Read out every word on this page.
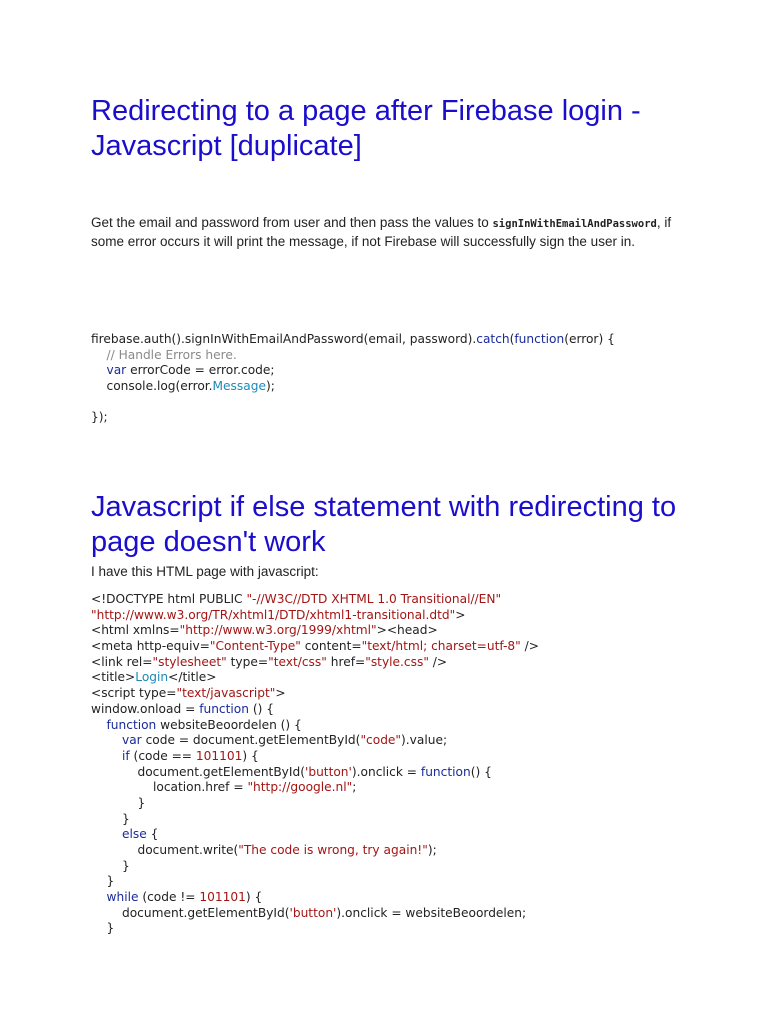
Redirecting to a page after Firebase login - Javascript [duplicate]

Get the email and password from user and then pass the values to signInWithEmailAndPassword, if some error occurs it will print the message, if not Firebase will successfully sign the user in.

firebase.auth().signInWithEmailAndPassword(email, password).catch(function(error) {
// Handle Errors here.
var errorCode = error.code;
console.log(error.Message);
});
Javascript if else statement with redirecting to page doesn't work

I have this HTML page with javascript:

<!DOCTYPE html PUBLIC "-//W3C//DTD XHTML 1.0 Transitional//EN"
"http://www.w3.org/TR/xhtml1/DTD/xhtml1-transitional.dtd">
<html xmlns="http://www.w3.org/1999/xhtml"><head>
<meta http-equiv="Content-Type" content="text/html; charset=utf-8" />
<link rel="stylesheet" type="text/css" href="style.css" />
<title>Login</title>
<script type="text/javascript">
window.onload = function () {
function websiteBeoordelen () {
var code = document.getElementById("code").value;
if (code == 101101) {
document.getElementById('button').onclick = function() {
location.href = "http://google.nl";
}
}
else {
document.write("The code is wrong, try again!");
}
}
while (code != 101101) {
document.getElementById('button').onclick = websiteBeoordelen;
}
